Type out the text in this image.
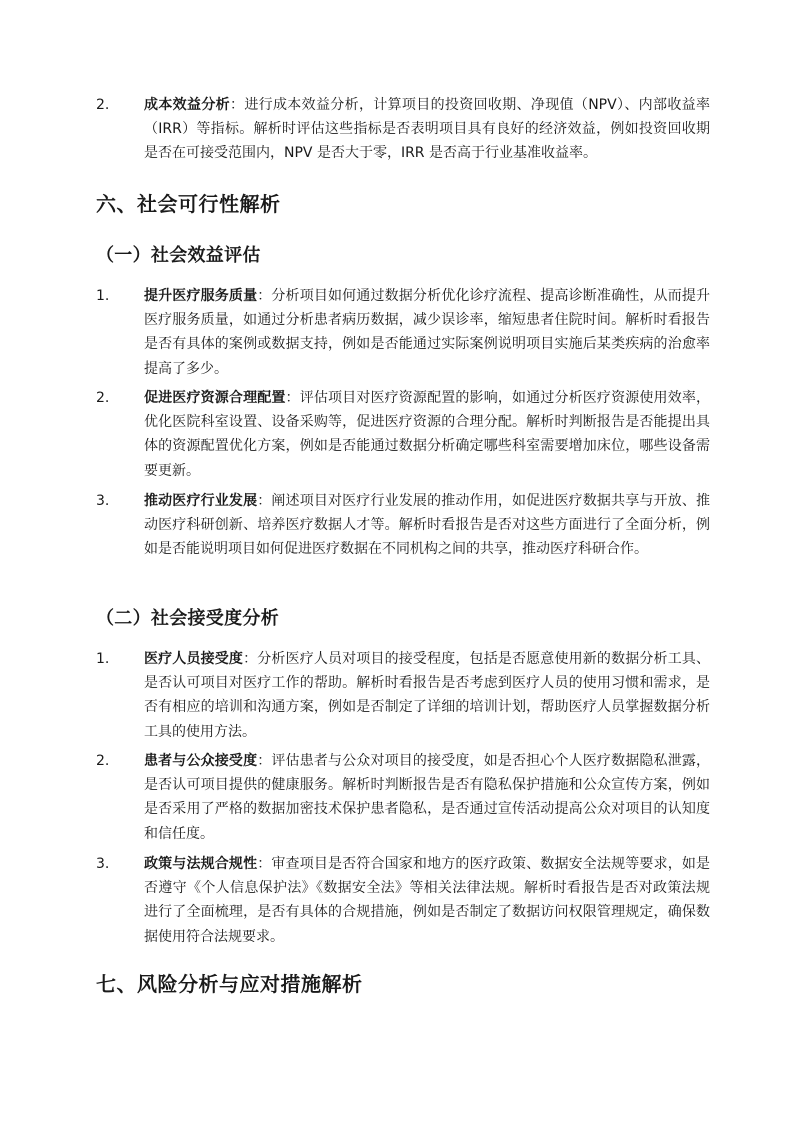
2. 成本效益分析：进行成本效益分析，计算项目的投资回收期、净现值（NPV）、内部收益率（IRR）等指标。解析时评估这些指标是否表明项目具有良好的经济效益，例如投资回收期是否在可接受范围内，NPV 是否大于零，IRR 是否高于行业基准收益率。
六、社会可行性解析
（一）社会效益评估
1. 提升医疗服务质量：分析项目如何通过数据分析优化诊疗流程、提高诊断准确性，从而提升医疗服务质量，如通过分析患者病历数据，减少误诊率，缩短患者住院时间。解析时看报告是否有具体的案例或数据支持，例如是否能通过实际案例说明项目实施后某类疾病的治愈率提高了多少。
2. 促进医疗资源合理配置：评估项目对医疗资源配置的影响，如通过分析医疗资源使用效率，优化医院科室设置、设备采购等，促进医疗资源的合理分配。解析时判断报告是否能提出具体的资源配置优化方案，例如是否能通过数据分析确定哪些科室需要增加床位，哪些设备需要更新。
3. 推动医疗行业发展：阐述项目对医疗行业发展的推动作用，如促进医疗数据共享与开放、推动医疗科研创新、培养医疗数据人才等。解析时看报告是否对这些方面进行了全面分析，例如是否能说明项目如何促进医疗数据在不同机构之间的共享，推动医疗科研合作。
（二）社会接受度分析
1. 医疗人员接受度：分析医疗人员对项目的接受程度，包括是否愿意使用新的数据分析工具、是否认可项目对医疗工作的帮助。解析时看报告是否考虑到医疗人员的使用习惯和需求，是否有相应的培训和沟通方案，例如是否制定了详细的培训计划，帮助医疗人员掌握数据分析工具的使用方法。
2. 患者与公众接受度：评估患者与公众对项目的接受度，如是否担心个人医疗数据隐私泄露，是否认可项目提供的健康服务。解析时判断报告是否有隐私保护措施和公众宣传方案，例如是否采用了严格的数据加密技术保护患者隐私，是否通过宣传活动提高公众对项目的认知度和信任度。
3. 政策与法规合规性：审查项目是否符合国家和地方的医疗政策、数据安全法规等要求，如是否遵守《个人信息保护法》《数据安全法》等相关法律法规。解析时看报告是否对政策法规进行了全面梳理，是否有具体的合规措施，例如是否制定了数据访问权限管理规定，确保数据使用符合法规要求。
七、风险分析与应对措施解析
